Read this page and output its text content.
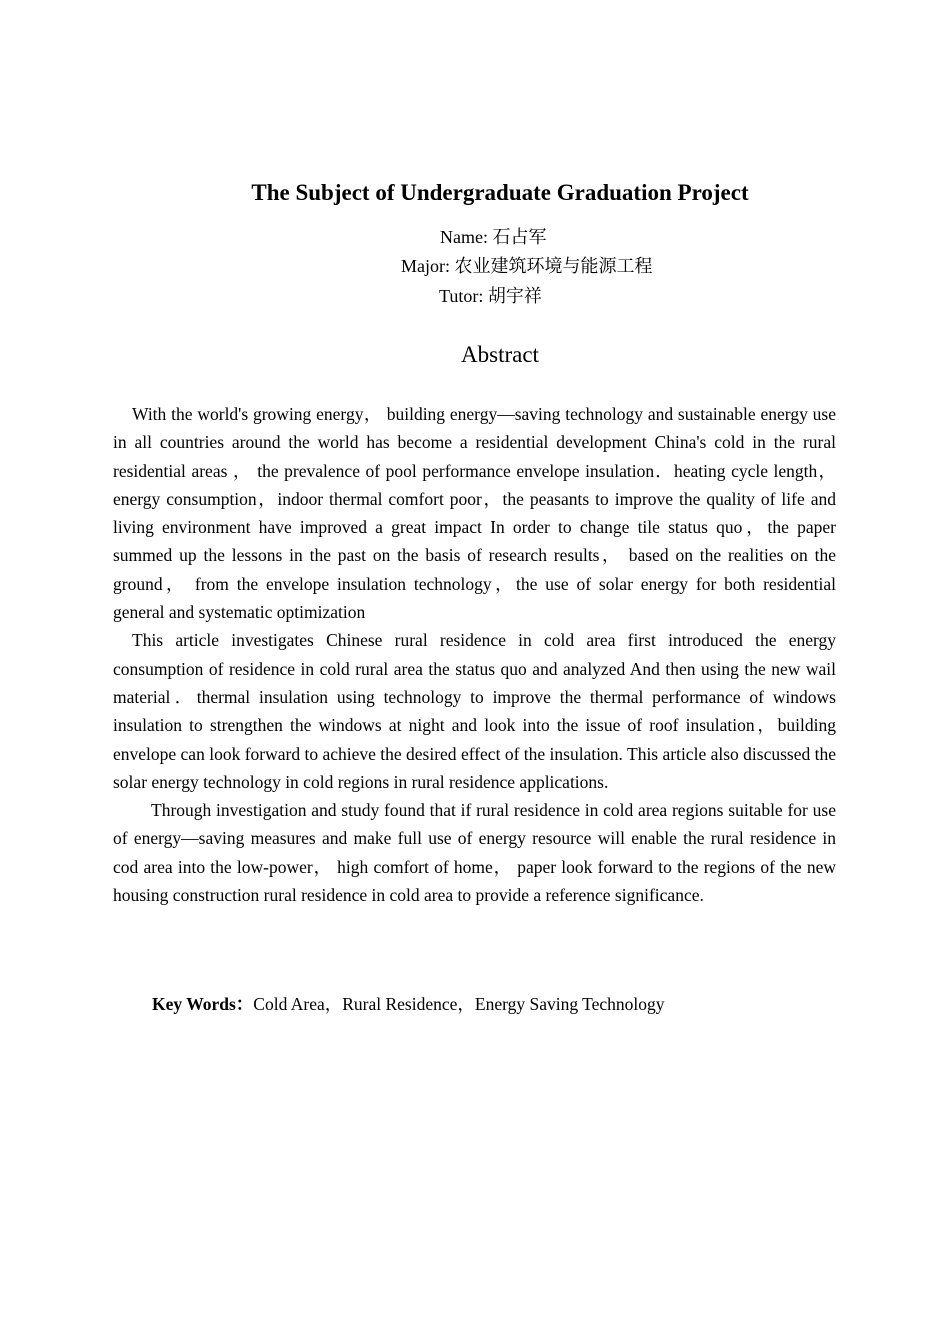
The Subject of Undergraduate Graduation Project
Name: 石占军
Major: 农业建筑环境与能源工程
Tutor: 胡宇祥
Abstract

With the world's growing energy， building energy—saving technology and sustainable energy use in all countries around the world has become a residential development China's cold in the rural residential areas ， the prevalence of pool performance envelope insulation．heating cycle length，energy consumption，indoor thermal comfort poor，the peasants to improve the quality of life and living environment have improved a great impact In order to change tile status quo，the paper summed up the lessons in the past on the basis of research results， based on the realities on the ground， from the envelope insulation technology，the use of solar energy for both residential general and systematic optimization

This article investigates Chinese rural residence in cold area first introduced the energy consumption of residence in cold rural area the status quo and analyzed And then using the new wail material．thermal insulation using technology to improve the thermal performance of windows insulation to strengthen the windows at night and look into the issue of roof insulation，building envelope can look forward to achieve the desired effect of the insulation. This article also discussed the solar energy technology in cold regions in rural residence applications.

Through investigation and study found that if rural residence in cold area regions suitable for use of energy—saving measures and make full use of energy resource will enable the rural residence in cod area into the low-power， high comfort of home， paper look forward to the regions of the new housing construction rural residence in cold area to provide a reference significance.

Key Words：Cold Area，Rural Residence，Energy Saving Technology
